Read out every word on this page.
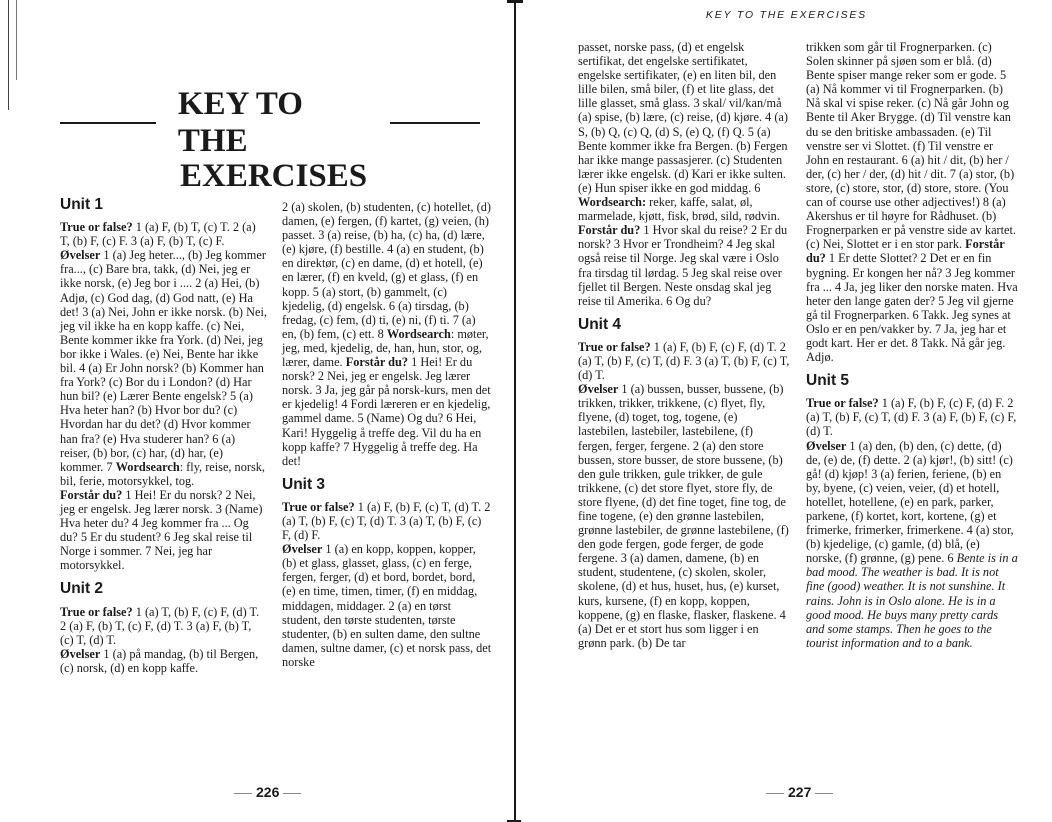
KEY TO THE
EXERCISES
Unit 1

True or false? 1 (a) F, (b) T, (c) T. 2 (a) T, (b) F, (c) F. 3 (a) F, (b) T, (c) F.

Øvelser 1 (a) Jeg heter..., (b) Jeg kommer fra..., (c) Bare bra, takk, (d) Nei, jeg er ikke norsk, (e) Jeg bor i .... 2 (a) Hei, (b) Adjø, (c) God dag, (d) God natt, (e) Ha det! 3 (a) Nei, John er ikke norsk. (b) Nei, jeg vil ikke ha en kopp kaffe. (c) Nei, Bente kommer ikke fra York. (d) Nei, jeg bor ikke i Wales. (e) Nei, Bente har ikke bil. 4 (a) Er John norsk? (b) Kommer han fra York? (c) Bor du i London? (d) Har hun bil? (e) Lærer Bente engelsk? 5 (a) Hva heter han? (b) Hvor bor du? (c) Hvordan har du det? (d) Hvor kommer han fra? (e) Hva studerer han? 6 (a) reiser, (b) bor, (c) har, (d) har, (e) kommer. 7 Wordsearch: fly, reise, norsk, bil, ferie, motorsykkel, tog.

Forstår du? 1 Hei! Er du norsk? 2 Nei, jeg er engelsk. Jeg lærer norsk. 3 (Name) Hva heter du? 4 Jeg kommer fra ... Og du? 5 Er du student? 6 Jeg skal reise til Norge i sommer. 7 Nei, jeg har motorsykkel.

Unit 2

True or false? 1 (a) T, (b) F, (c) F, (d) T. 2 (a) F, (b) T, (c) F, (d) T. 3 (a) F, (b) T, (c) T, (d) T.

Øvelser 1 (a) på mandag, (b) til Bergen, (c) norsk, (d) en kopp kaffe.

2 (a) skolen, (b) studenten, (c) hotellet, (d) damen, (e) fergen, (f) kartet, (g) veien, (h) passet. 3 (a) reise, (b) ha, (c) ha, (d) lære, (e) kjøre, (f) bestille. 4 (a) en student, (b) en direktør, (c) en dame, (d) et hotell, (e) en lærer, (f) en kveld, (g) et glass, (f) en kopp. 5 (a) stort, (b) gammelt, (c) kjedelig, (d) engelsk. 6 (a) tirsdag, (b) fredag, (c) fem, (d) ti, (e) ni, (f) ti. 7 (a) en, (b) fem, (c) ett. 8 Wordsearch: møter, jeg, med, kjedelig, de, han, hun, stor, og, lærer, dame. Forstår du? 1 Hei! Er du norsk? 2 Nei, jeg er engelsk. Jeg lærer norsk. 3 Ja, jeg går på norsk-kurs, men det er kjedelig! 4 Fordi læreren er en kjedelig, gammel dame. 5 (Name) Og du? 6 Hei, Kari! Hyggelig å treffe deg. Vil du ha en kopp kaffe? 7 Hyggelig å treffe deg. Ha det!

Unit 3

True or false? 1 (a) F, (b) F, (c) T, (d) T. 2 (a) T, (b) F, (c) T, (d) T. 3 (a) T, (b) F, (c) F, (d) F.

Øvelser 1 (a) en kopp, koppen, kopper, (b) et glass, glasset, glass, (c) en ferge, fergen, ferger, (d) et bord, bordet, bord, (e) en time, timen, timer, (f) en middag, middagen, middager. 2 (a) en tørst student, den tørste studenten, tørste studenter, (b) en sulten dame, den sultne damen, sultne damer, (c) et norsk pass, det norske

226
KEY TO THE EXERCISES

passet, norske pass, (d) et engelsk sertifikat, det engelske sertifikatet, engelske sertifikater, (e) en liten bil, den lille bilen, små biler, (f) et lite glass, det lille glasset, små glass. 3 skal/ vil/kan/må (a) spise, (b) lære, (c) reise, (d) kjøre. 4 (a) S, (b) Q, (c) Q, (d) S, (e) Q, (f) Q. 5 (a) Bente kommer ikke fra Bergen. (b) Fergen har ikke mange passasjerer. (c) Studenten lærer ikke engelsk. (d) Kari er ikke sulten. (e) Hun spiser ikke en god middag. 6 Wordsearch: reker, kaffe, salat, øl, marmelade, kjøtt, fisk, brød, sild, rødvin. Forstår du? 1 Hvor skal du reise? 2 Er du norsk? 3 Hvor er Trondheim? 4 Jeg skal også reise til Norge. Jeg skal være i Oslo fra tirsdag til lørdag. 5 Jeg skal reise over fjellet til Bergen. Neste onsdag skal jeg reise til Amerika. 6 Og du?

Unit 4

True or false? 1 (a) F, (b) F, (c) F, (d) T. 2 (a) T, (b) F, (c) T, (d) F. 3 (a) T, (b) F, (c) T, (d) T.

Øvelser 1 (a) bussen, busser, bussene, (b) trikken, trikker, trikkene, (c) flyet, fly, flyene, (d) toget, tog, togene, (e) lastebilen, lastebiler, lastebilene, (f) fergen, ferger, fergene. 2 (a) den store bussen, store busser, de store bussene, (b) den gule trikken, gule trikker, de gule trikkene, (c) det store flyet, store fly, de store flyene, (d) det fine toget, fine tog, de fine togene, (e) den grønne lastebilen, grønne lastebiler, de grønne lastebilene, (f) den gode fergen, gode ferger, de gode fergene. 3 (a) damen, damene, (b) en student, studentene, (c) skolen, skoler, skolene, (d) et hus, huset, hus, (e) kurset, kurs, kursene, (f) en kopp, koppen, koppene, (g) en flaske, flasker, flaskene. 4 (a) Det er et stort hus som ligger i en grønn park. (b) De tar

trikken som går til Frognerparken. (c) Solen skinner på sjøen som er blå. (d) Bente spiser mange reker som er gode. 5 (a) Nå kommer vi til Frognerparken. (b) Nå skal vi spise reker. (c) Nå går John og Bente til Aker Brygge. (d) Til venstre kan du se den britiske ambassaden. (e) Til venstre ser vi Slottet. (f) Til venstre er John en restaurant. 6 (a) hit / dit, (b) her / der, (c) her / der, (d) hit / dit. 7 (a) stor, (b) store, (c) store, stor, (d) store, store. (You can of course use other adjectives!) 8 (a) Akershus er til høyre for Rådhuset. (b) Frognerparken er på venstre side av kartet. (c) Nei, Slottet er i en stor park. Forstår du? 1 Er dette Slottet? 2 Det er en fin bygning. Er kongen her nå? 3 Jeg kommer fra ... 4 Ja, jeg liker den norske maten. Hva heter den lange gaten der? 5 Jeg vil gjerne gå til Frognerparken. 6 Takk. Jeg synes at Oslo er en pen/vakker by. 7 Ja, jeg har et godt kart. Her er det. 8 Takk. Nå går jeg. Adjø.

Unit 5

True or false? 1 (a) F, (b) F, (c) F, (d) F. 2 (a) T, (b) F, (c) T, (d) F. 3 (a) F, (b) F, (c) F, (d) T.

Øvelser 1 (a) den, (b) den, (c) dette, (d) de, (e) de, (f) dette. 2 (a) kjør!, (b) sitt! (c) gå! (d) kjøp! 3 (a) ferien, feriene, (b) en by, byene, (c) veien, veier, (d) et hotell, hotellet, hotellene, (e) en park, parker, parkene, (f) kortet, kort, kortene, (g) et frimerke, frimerker, frimerkene. 4 (a) stor, (b) kjedelige, (c) gamle, (d) blå, (e) norske, (f) grønne, (g) pene. 6 Bente is in a bad mood. The weather is bad. It is not fine (good) weather. It is not sunshine. It rains. John is in Oslo alone. He is in a good mood. He buys many pretty cards and some stamps. Then he goes to the tourist information and to a bank.

227
